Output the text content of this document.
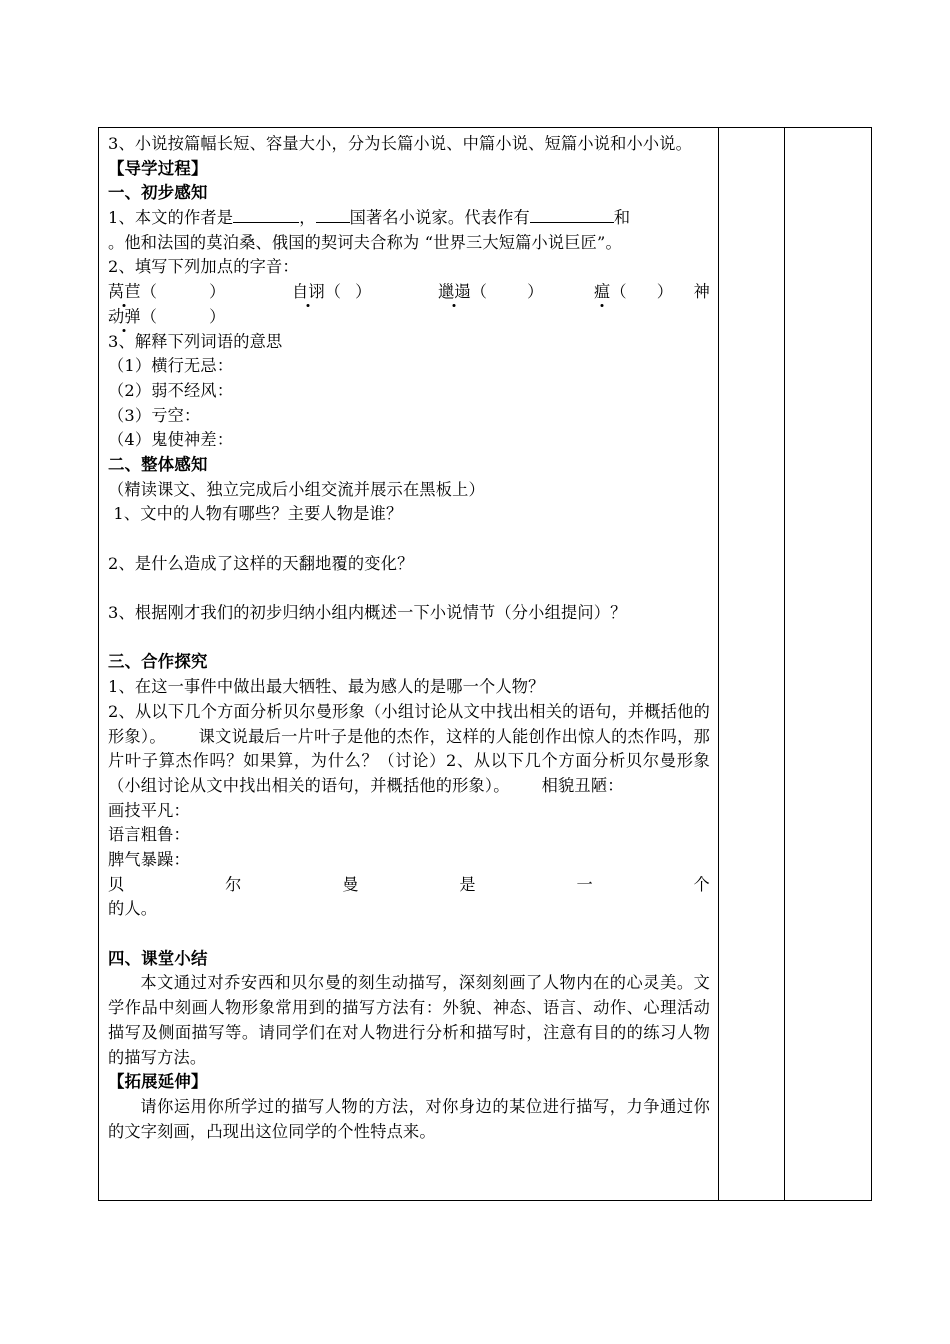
3、小说按篇幅长短、容量大小，分为长篇小说、中篇小说、短篇小说和小小说。
【导学过程】
一、初步感知
1、本文的作者是	， 国著名小说家。代表作有	和
。他和法国的莫泊桑、俄国的契诃夫合称为 “世界三大短篇小说巨匠”。
2、填写下列加点的字音：
莴苣（	）	自诩（ ）	邋遢（ ）	瘟（ ） 神
动弹（	）
3、解释下列词语的意思
（1）横行无忌：
（2）弱不经风：
（3）亏空：
（4）鬼使神差：
二、整体感知
（精读课文、独立完成后小组交流并展示在黑板上）
1、文中的人物有哪些？主要人物是谁？
2、是什么造成了这样的天翻地覆的变化？
3、根据刚才我们的初步归纳小组内概述一下小说情节（分小组提问）？
三、合作探究
1、在这一事件中做出最大牺牲、最为感人的是哪一个人物？
2、从以下几个方面分析贝尔曼形象（小组讨论从文中找出相关的语句，并概括他的形象）。      课文说最后一片叶子是他的杰作，这样的人能创作出惊人的杰作吗，那片叶子算杰作吗？如果算，为什么？（讨论）2、从以下几个方面分析贝尔曼形象（小组讨论从文中找出相关的语句，并概括他的形象）。      相貌丑陋：
画技平凡：
语言粗鲁：
脾气暴躁：
贝	尔	曼	是	一	个
的人。
四、课堂小结
本文通过对乔安西和贝尔曼的刻生动描写，深刻刻画了人物内在的心灵美。文学作品中刻画人物形象常用到的描写方法有：外貌、神态、语言、动作、心理活动描写及侧面描写等。请同学们在对人物进行分析和描写时，注意有目的的练习人物的描写方法。
【拓展延伸】
请你运用你所学过的描写人物的方法，对你身边的某位进行描写，力争通过你的文字刻画，凸现出这位同学的个性特点来。
